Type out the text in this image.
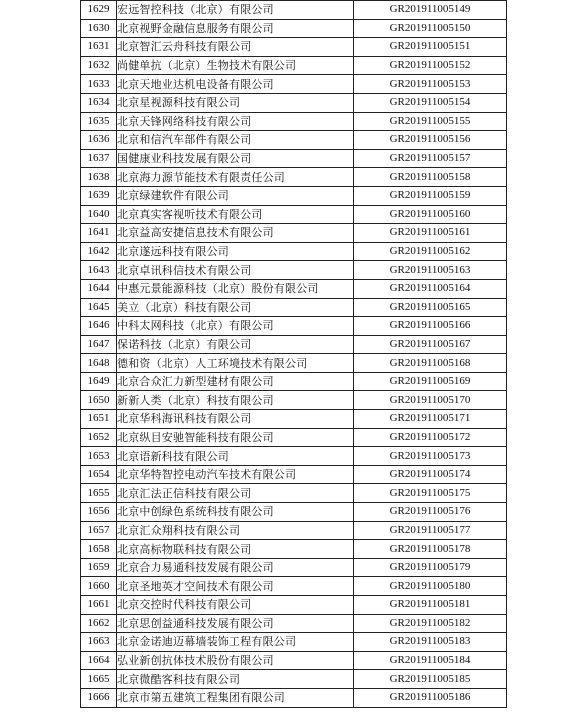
1629	宏远智控科技（北京）有限公司	GR201911005149
1630	北京视野金融信息服务有限公司	GR201911005150
1631	北京智汇云舟科技有限公司	GR201911005151
1632	尚健单抗（北京）生物技术有限公司	GR201911005152
1633	北京天地业达机电设备有限公司	GR201911005153
1634	北京星视源科技有限公司	GR201911005154
1635	北京天锋网络科技有限公司	GR201911005155
1636	北京和信汽车部件有限公司	GR201911005156
1637	国健康业科技发展有限公司	GR201911005157
1638	北京海力源节能技术有限责任公司	GR201911005158
1639	北京绿建软件有限公司	GR201911005159
1640	北京真实客视听技术有限公司	GR201911005160
1641	北京益高安捷信息技术有限公司	GR201911005161
1642	北京遂远科技有限公司	GR201911005162
1643	北京卓讯科信技术有限公司	GR201911005163
1644	中惠元景能源科技（北京）股份有限公司	GR201911005164
1645	美立（北京）科技有限公司	GR201911005165
1646	中科太网科技（北京）有限公司	GR201911005166
1647	保诺科技（北京）有限公司	GR201911005167
1648	德和资（北京）人工环境技术有限公司	GR201911005168
1649	北京合众汇力新型建材有限公司	GR201911005169
1650	新新人类（北京）科技有限公司	GR201911005170
1651	北京华科海讯科技有限公司	GR201911005171
1652	北京纵目安驰智能科技有限公司	GR201911005172
1653	北京语新科技有限公司	GR201911005173
1654	北京华特智控电动汽车技术有限公司	GR201911005174
1655	北京汇法正信科技有限公司	GR201911005175
1656	北京中创绿色系统科技有限公司	GR201911005176
1657	北京汇众翔科技有限公司	GR201911005177
1658	北京高标物联科技有限公司	GR201911005178
1659	北京合力易通科技发展有限公司	GR201911005179
1660	北京圣地英才空间技术有限公司	GR201911005180
1661	北京交控时代科技有限公司	GR201911005181
1662	北京思创益通科技发展有限公司	GR201911005182
1663	北京金诺迪迈幕墙装饰工程有限公司	GR201911005183
1664	弘业新创抗体技术股份有限公司	GR201911005184
1665	北京微酷客科技有限公司	GR201911005185
1666	北京市第五建筑工程集团有限公司	GR201911005186
